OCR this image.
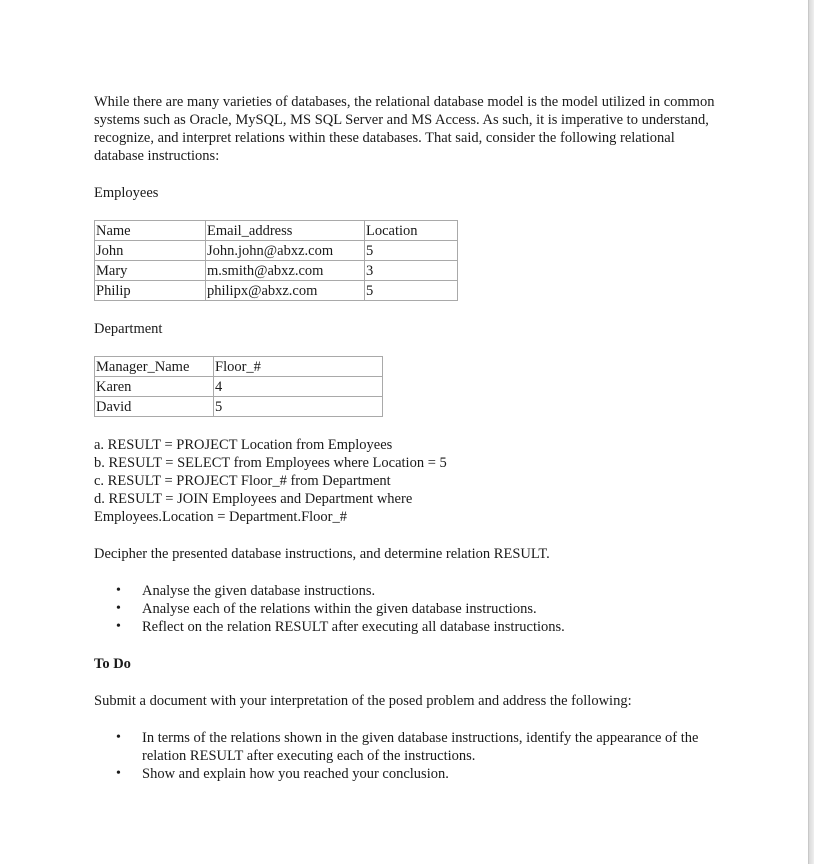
While there are many varieties of databases, the relational database model is the model utilized in common systems such as Oracle, MySQL, MS SQL Server and MS Access. As such, it is imperative to understand, recognize, and interpret relations within these databases. That said, consider the following relational database instructions:

Employees

Name	Email_address	Location
John	John.john@abxz.com	5
Mary	m.smith@abxz.com	3
Philip	philipx@abxz.com	5

Department

Manager_Name	Floor_#
Karen	4
David	5

a. RESULT = PROJECT Location from Employees

b. RESULT = SELECT from Employees where Location = 5

c. RESULT = PROJECT Floor_# from Department

d. RESULT = JOIN Employees and Department where

Employees.Location = Department.Floor_#

Decipher the presented database instructions, and determine relation RESULT.

• Analyse the given database instructions.
• Analyse each of the relations within the given database instructions.
• Reflect on the relation RESULT after executing all database instructions.

To Do

Submit a document with your interpretation of the posed problem and address the following:

• In terms of the relations shown in the given database instructions, identify the appearance of the relation RESULT after executing each of the instructions.
• Show and explain how you reached your conclusion.
